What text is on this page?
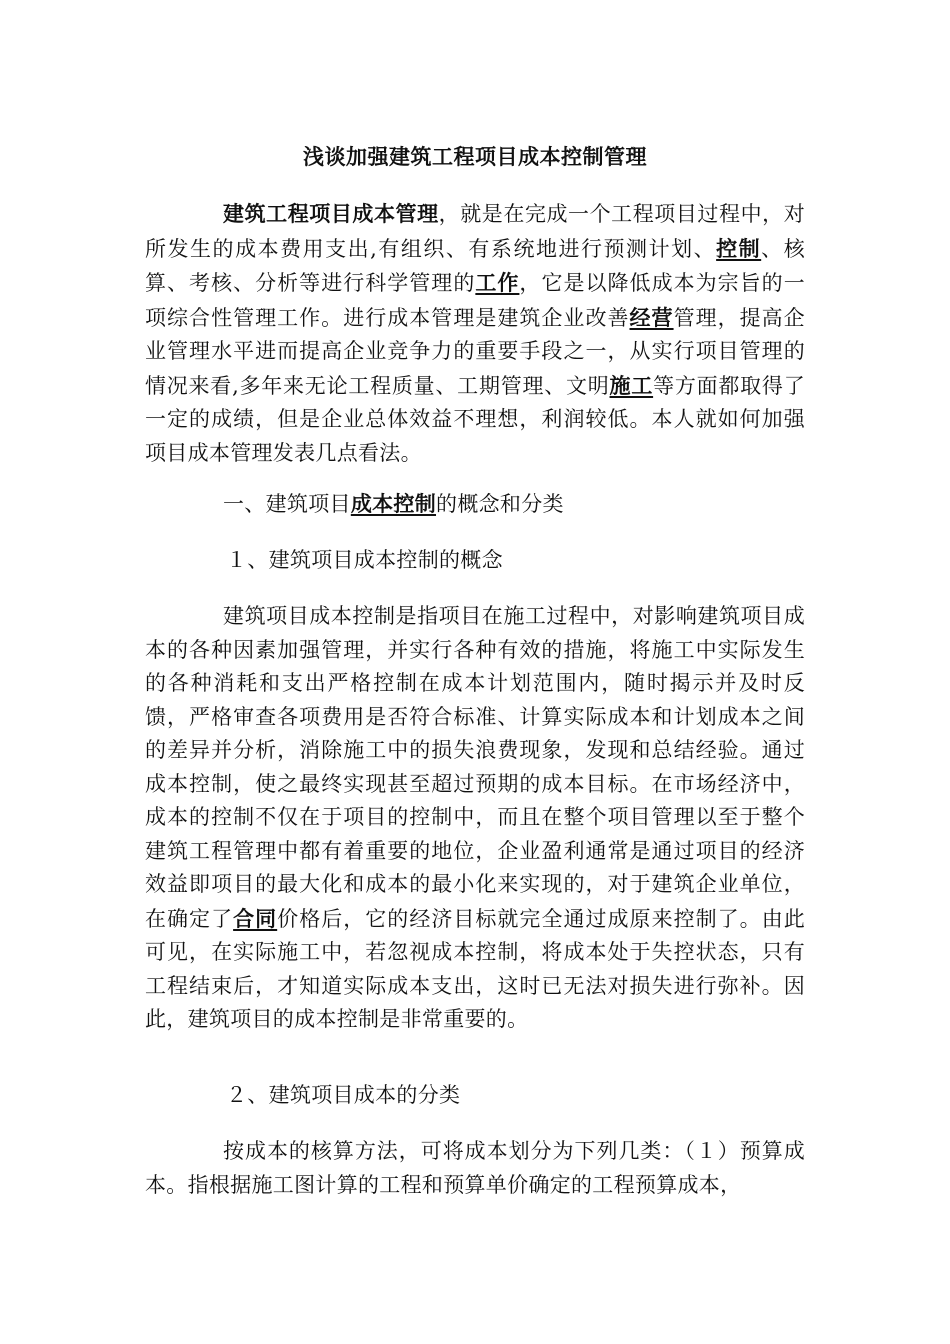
浅谈加强建筑工程项目成本控制管理
建筑工程项目成本管理，就是在完成一个工程项目过程中，对所发生的成本费用支出,有组织、有系统地进行预测计划、控制、核算、考核、分析等进行科学管理的工作，它是以降低成本为宗旨的一项综合性管理工作。进行成本管理是建筑企业改善经营管理，提高企业管理水平进而提高企业竞争力的重要手段之一，从实行项目管理的情况来看,多年来无论工程质量、工期管理、文明施工等方面都取得了一定的成绩，但是企业总体效益不理想，利润较低。本人就如何加强项目成本管理发表几点看法。
一、建筑项目成本控制的概念和分类
１、建筑项目成本控制的概念
建筑项目成本控制是指项目在施工过程中，对影响建筑项目成本的各种因素加强管理，并实行各种有效的措施，将施工中实际发生的各种消耗和支出严格控制在成本计划范围内，随时揭示并及时反馈，严格审查各项费用是否符合标准、计算实际成本和计划成本之间的差异并分析，消除施工中的损失浪费现象，发现和总结经验。通过成本控制，使之最终实现甚至超过预期的成本目标。在市场经济中，成本的控制不仅在于项目的控制中，而且在整个项目管理以至于整个建筑工程管理中都有着重要的地位，企业盈利通常是通过项目的经济效益即项目的最大化和成本的最小化来实现的，对于建筑企业单位，在确定了合同价格后，它的经济目标就完全通过成原来控制了。由此可见，在实际施工中，若忽视成本控制，将成本处于失控状态，只有工程结束后，才知道实际成本支出，这时已无法对损失进行弥补。因此，建筑项目的成本控制是非常重要的。
２、建筑项目成本的分类
按成本的核算方法，可将成本划分为下列几类：（１）预算成本。指根据施工图计算的工程和预算单价确定的工程预算成本，
